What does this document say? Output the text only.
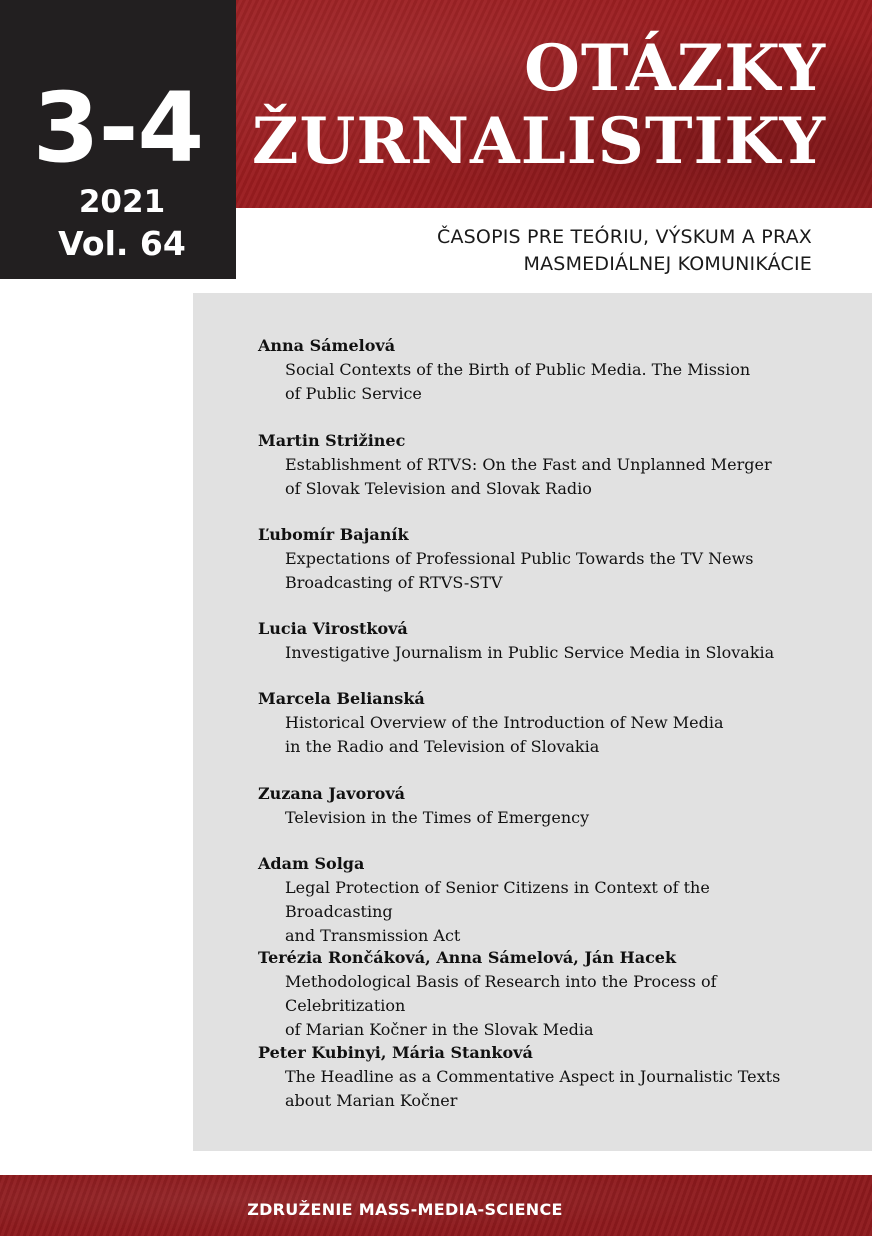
3-4
2021
Vol. 64
OTÁZKY
ŽURNALISTIKY
ČASOPIS PRE TEÓRIU, VÝSKUM A PRAX
MASMEDIÁLNEJ KOMUNIKÁCIE
Anna Sámelová
Social Contexts of the Birth of Public Media. The Mission
of Public Service
Martin Strižinec
Establishment of RTVS: On the Fast and Unplanned Merger
of Slovak Television and Slovak Radio
Ľubomír Bajaník
Expectations of Professional Public Towards the TV News
Broadcasting of RTVS-STV
Lucia Virostková
Investigative Journalism in Public Service Media in Slovakia
Marcela Belianská
Historical Overview of the Introduction of New Media
in the Radio and Television of Slovakia
Zuzana Javorová
Television in the Times of Emergency
Adam Solga
Legal Protection of Senior Citizens in Context of the Broadcasting
and Transmission Act
Terézia Rončáková, Anna Sámelová, Ján Hacek
Methodological Basis of Research into the Process of Celebritization
of Marian Kočner in the Slovak Media
Peter Kubinyi, Mária Stanková
The Headline as a Commentative Aspect in Journalistic Texts
about Marian Kočner
ZDRUŽENIE MASS-MEDIA-SCIENCE
